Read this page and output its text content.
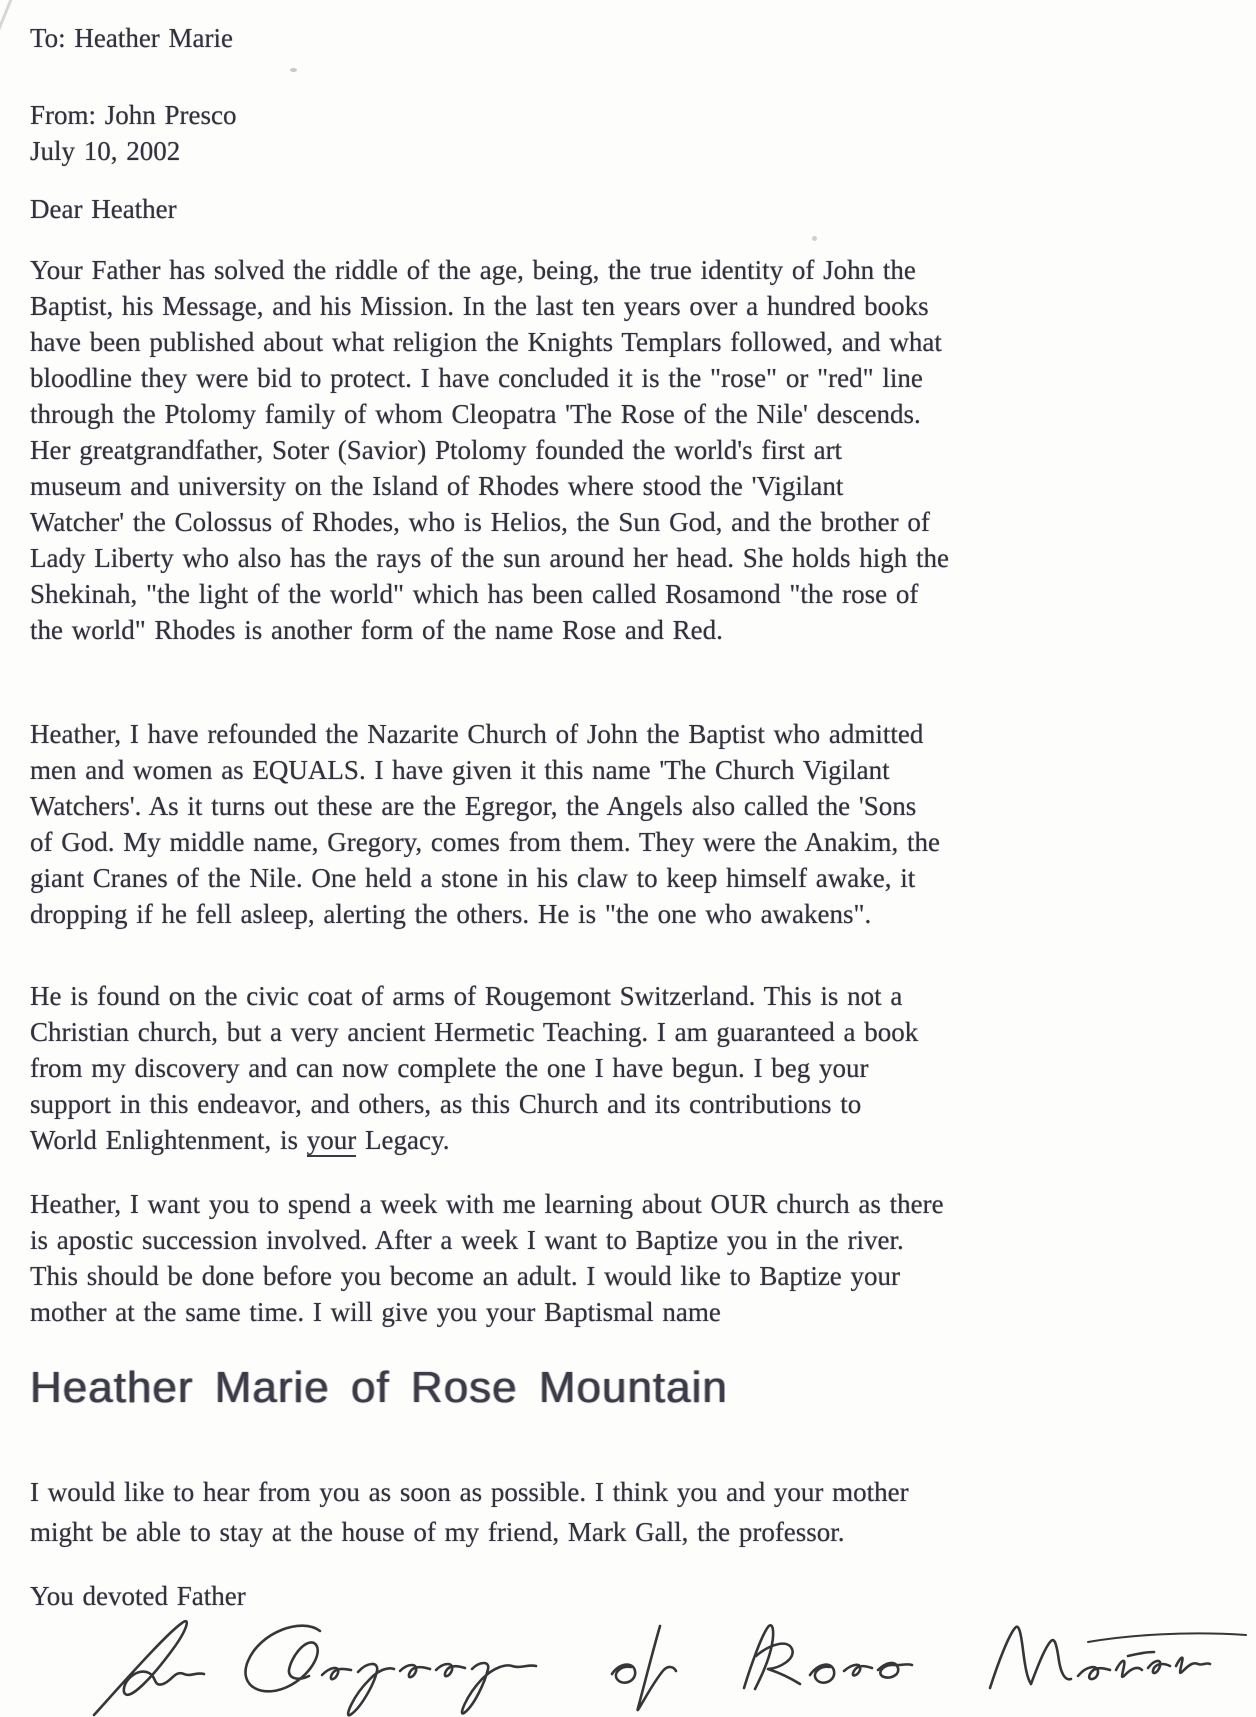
To: Heather Marie
From: John Presco
July 10, 2002
Dear Heather
Your Father has solved the riddle of the age, being, the true identity of John the
Baptist, his Message, and his Mission. In the last ten years over a hundred books
have been published about what religion the Knights Templars followed, and what
bloodline they were bid to protect. I have concluded it is the "rose" or "red" line
through the Ptolomy family of whom Cleopatra 'The Rose of the Nile' descends.
Her greatgrandfather, Soter (Savior) Ptolomy founded the world's first art
museum and university on the Island of Rhodes where stood the 'Vigilant
Watcher' the Colossus of Rhodes, who is Helios, the Sun God, and the brother of
Lady Liberty who also has the rays of the sun around her head. She holds high the
Shekinah, "the light of the world" which has been called Rosamond "the rose of
the world" Rhodes is another form of the name Rose and Red.
Heather, I have refounded the Nazarite Church of John the Baptist who admitted
men and women as EQUALS. I have given it this name 'The Church Vigilant
Watchers'. As it turns out these are the Egregor, the Angels also called the 'Sons
of God. My middle name, Gregory, comes from them. They were the Anakim, the
giant Cranes of the Nile. One held a stone in his claw to keep himself awake, it
dropping if he fell asleep, alerting the others. He is "the one who awakens".
He is found on the civic coat of arms of Rougemont Switzerland. This is not a
Christian church, but a very ancient Hermetic Teaching. I am guaranteed a book
from my discovery and can now complete the one I have begun. I beg your
support in this endeavor, and others, as this Church and its contributions to
World Enlightenment, is your Legacy.
Heather, I want you to spend a week with me learning about OUR church as there
is apostic succession involved. After a week I want to Baptize you in the river.
This should be done before you become an adult. I would like to Baptize your
mother at the same time. I will give you your Baptismal name
Heather Marie of Rose Mountain
I would like to hear from you as soon as possible. I think you and your mother
might be able to stay at the house of my friend, Mark Gall, the professor.
You devoted Father
